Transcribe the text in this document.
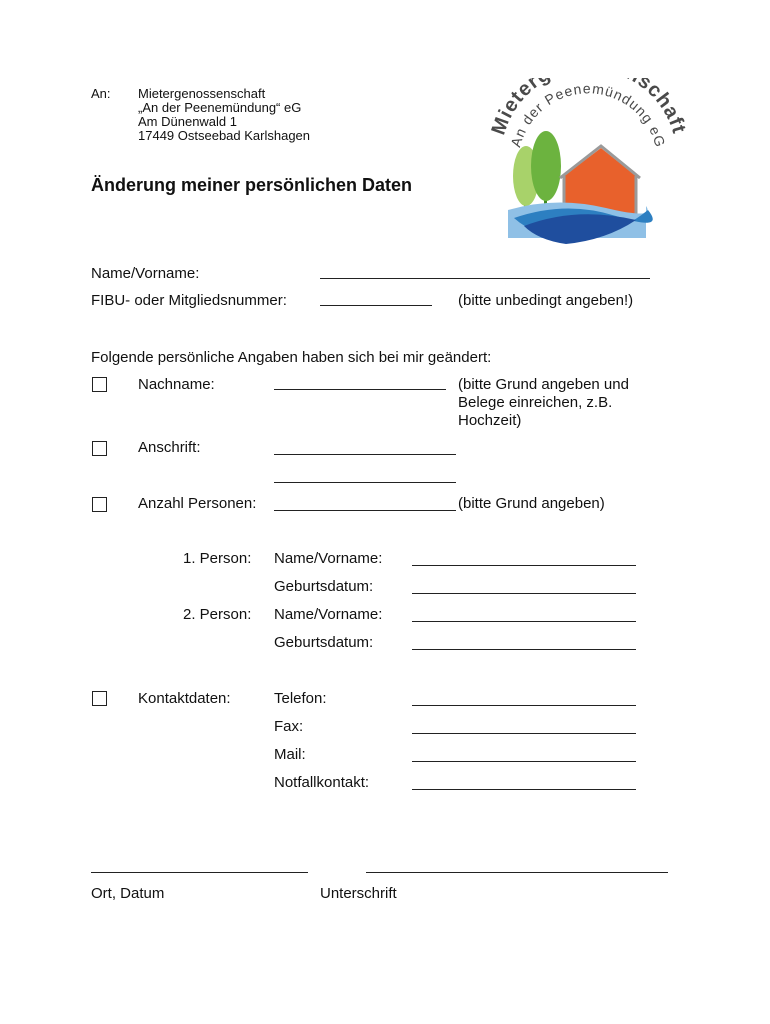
An: Mietergenossenschaft
„An der Peenemündung“ eG
Am Dünenwald 1
17449 Ostseebad Karlshagen	Mieter schaf
An der Peenemündung eG
Änderung meiner persönlichen Daten
Name/Vorname:
FIBU- oder Mitgliedsnummer:	(bitte unbedingt angeben!)
Folgende persönliche Angaben haben sich bei mir geändert:
Nachname:	(bitte Grund angeben und
Belege einreichen, z.B.
Hochzeit)
Anschrift:
Anzahl Personen:	(bitte Grund angeben)
1. Person: Name/Vorname:
Geburtsdatum:
2. Person: Name/Vorname:
Geburtsdatum:
Kontaktdaten:	Telefon:
Fax:
Mail:
Notfallkontakt:
Ort, Datum	Unterschrift
